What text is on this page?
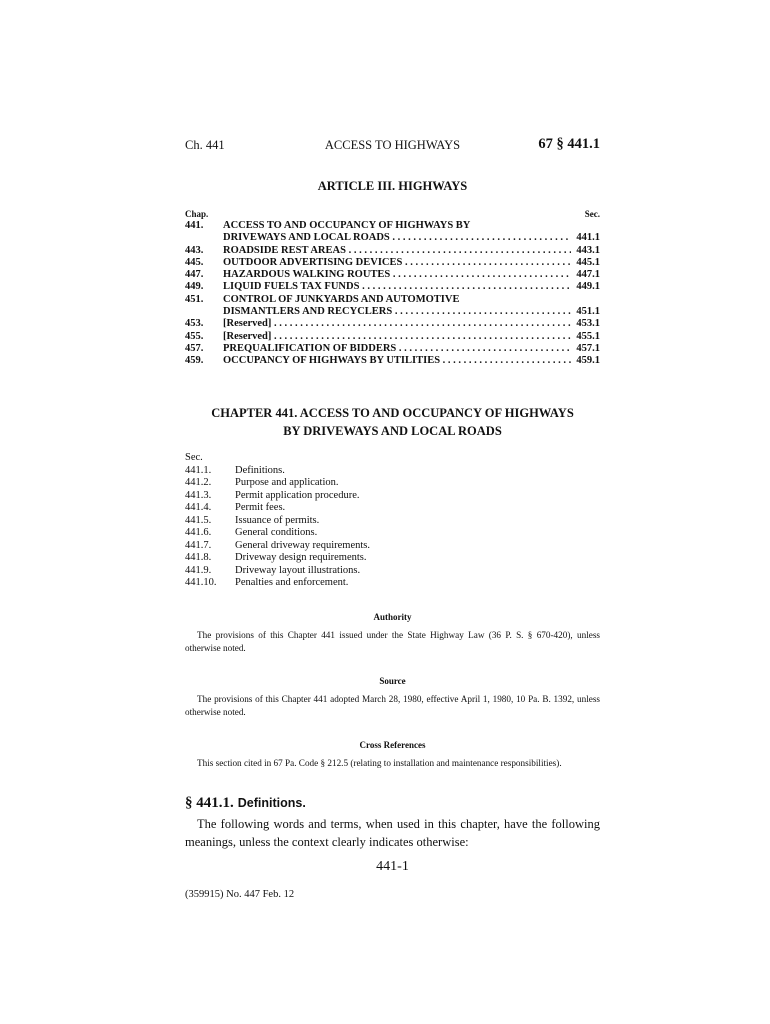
Ch. 441	ACCESS TO HIGHWAYS	67 § 441.1
ARTICLE III. HIGHWAYS
Chap.	Sec.
441. ACCESS TO AND OCCUPANCY OF HIGHWAYS BY
DRIVEWAYS AND LOCAL ROADS . . .	441.1
443. ROADSIDE REST AREAS . . .	443.1
445. OUTDOOR ADVERTISING DEVICES . . .	445.1
447. HAZARDOUS WALKING ROUTES . . .	447.1
449. LIQUID FUELS TAX FUNDS . . .	449.1
451. CONTROL OF JUNKYARDS AND AUTOMOTIVE
DISMANTLERS AND RECYCLERS . . .	451.1
453. [Reserved] . . .	453.1
455. [Reserved] . . .	455.1
457. PREQUALIFICATION OF BIDDERS . . .	457.1
459. OCCUPANCY OF HIGHWAYS BY UTILITIES . . .	459.1
CHAPTER 441. ACCESS TO AND OCCUPANCY OF HIGHWAYS
BY DRIVEWAYS AND LOCAL ROADS
Sec.
441.1. Definitions.
441.2. Purpose and application.
441.3. Permit application procedure.
441.4. Permit fees.
441.5. Issuance of permits.
441.6. General conditions.
441.7. General driveway requirements.
441.8. Driveway design requirements.
441.9. Driveway layout illustrations.
441.10. Penalties and enforcement.
Authority
The provisions of this Chapter 441 issued under the State Highway Law (36 P. S. § 670-420), unless otherwise noted.
Source
The provisions of this Chapter 441 adopted March 28, 1980, effective April 1, 1980, 10 Pa. B. 1392, unless otherwise noted.
Cross References
This section cited in 67 Pa. Code § 212.5 (relating to installation and maintenance responsibilities).
§ 441.1. Definitions.
The following words and terms, when used in this chapter, have the following meanings, unless the context clearly indicates otherwise:
441-1
(359915) No. 447 Feb. 12
